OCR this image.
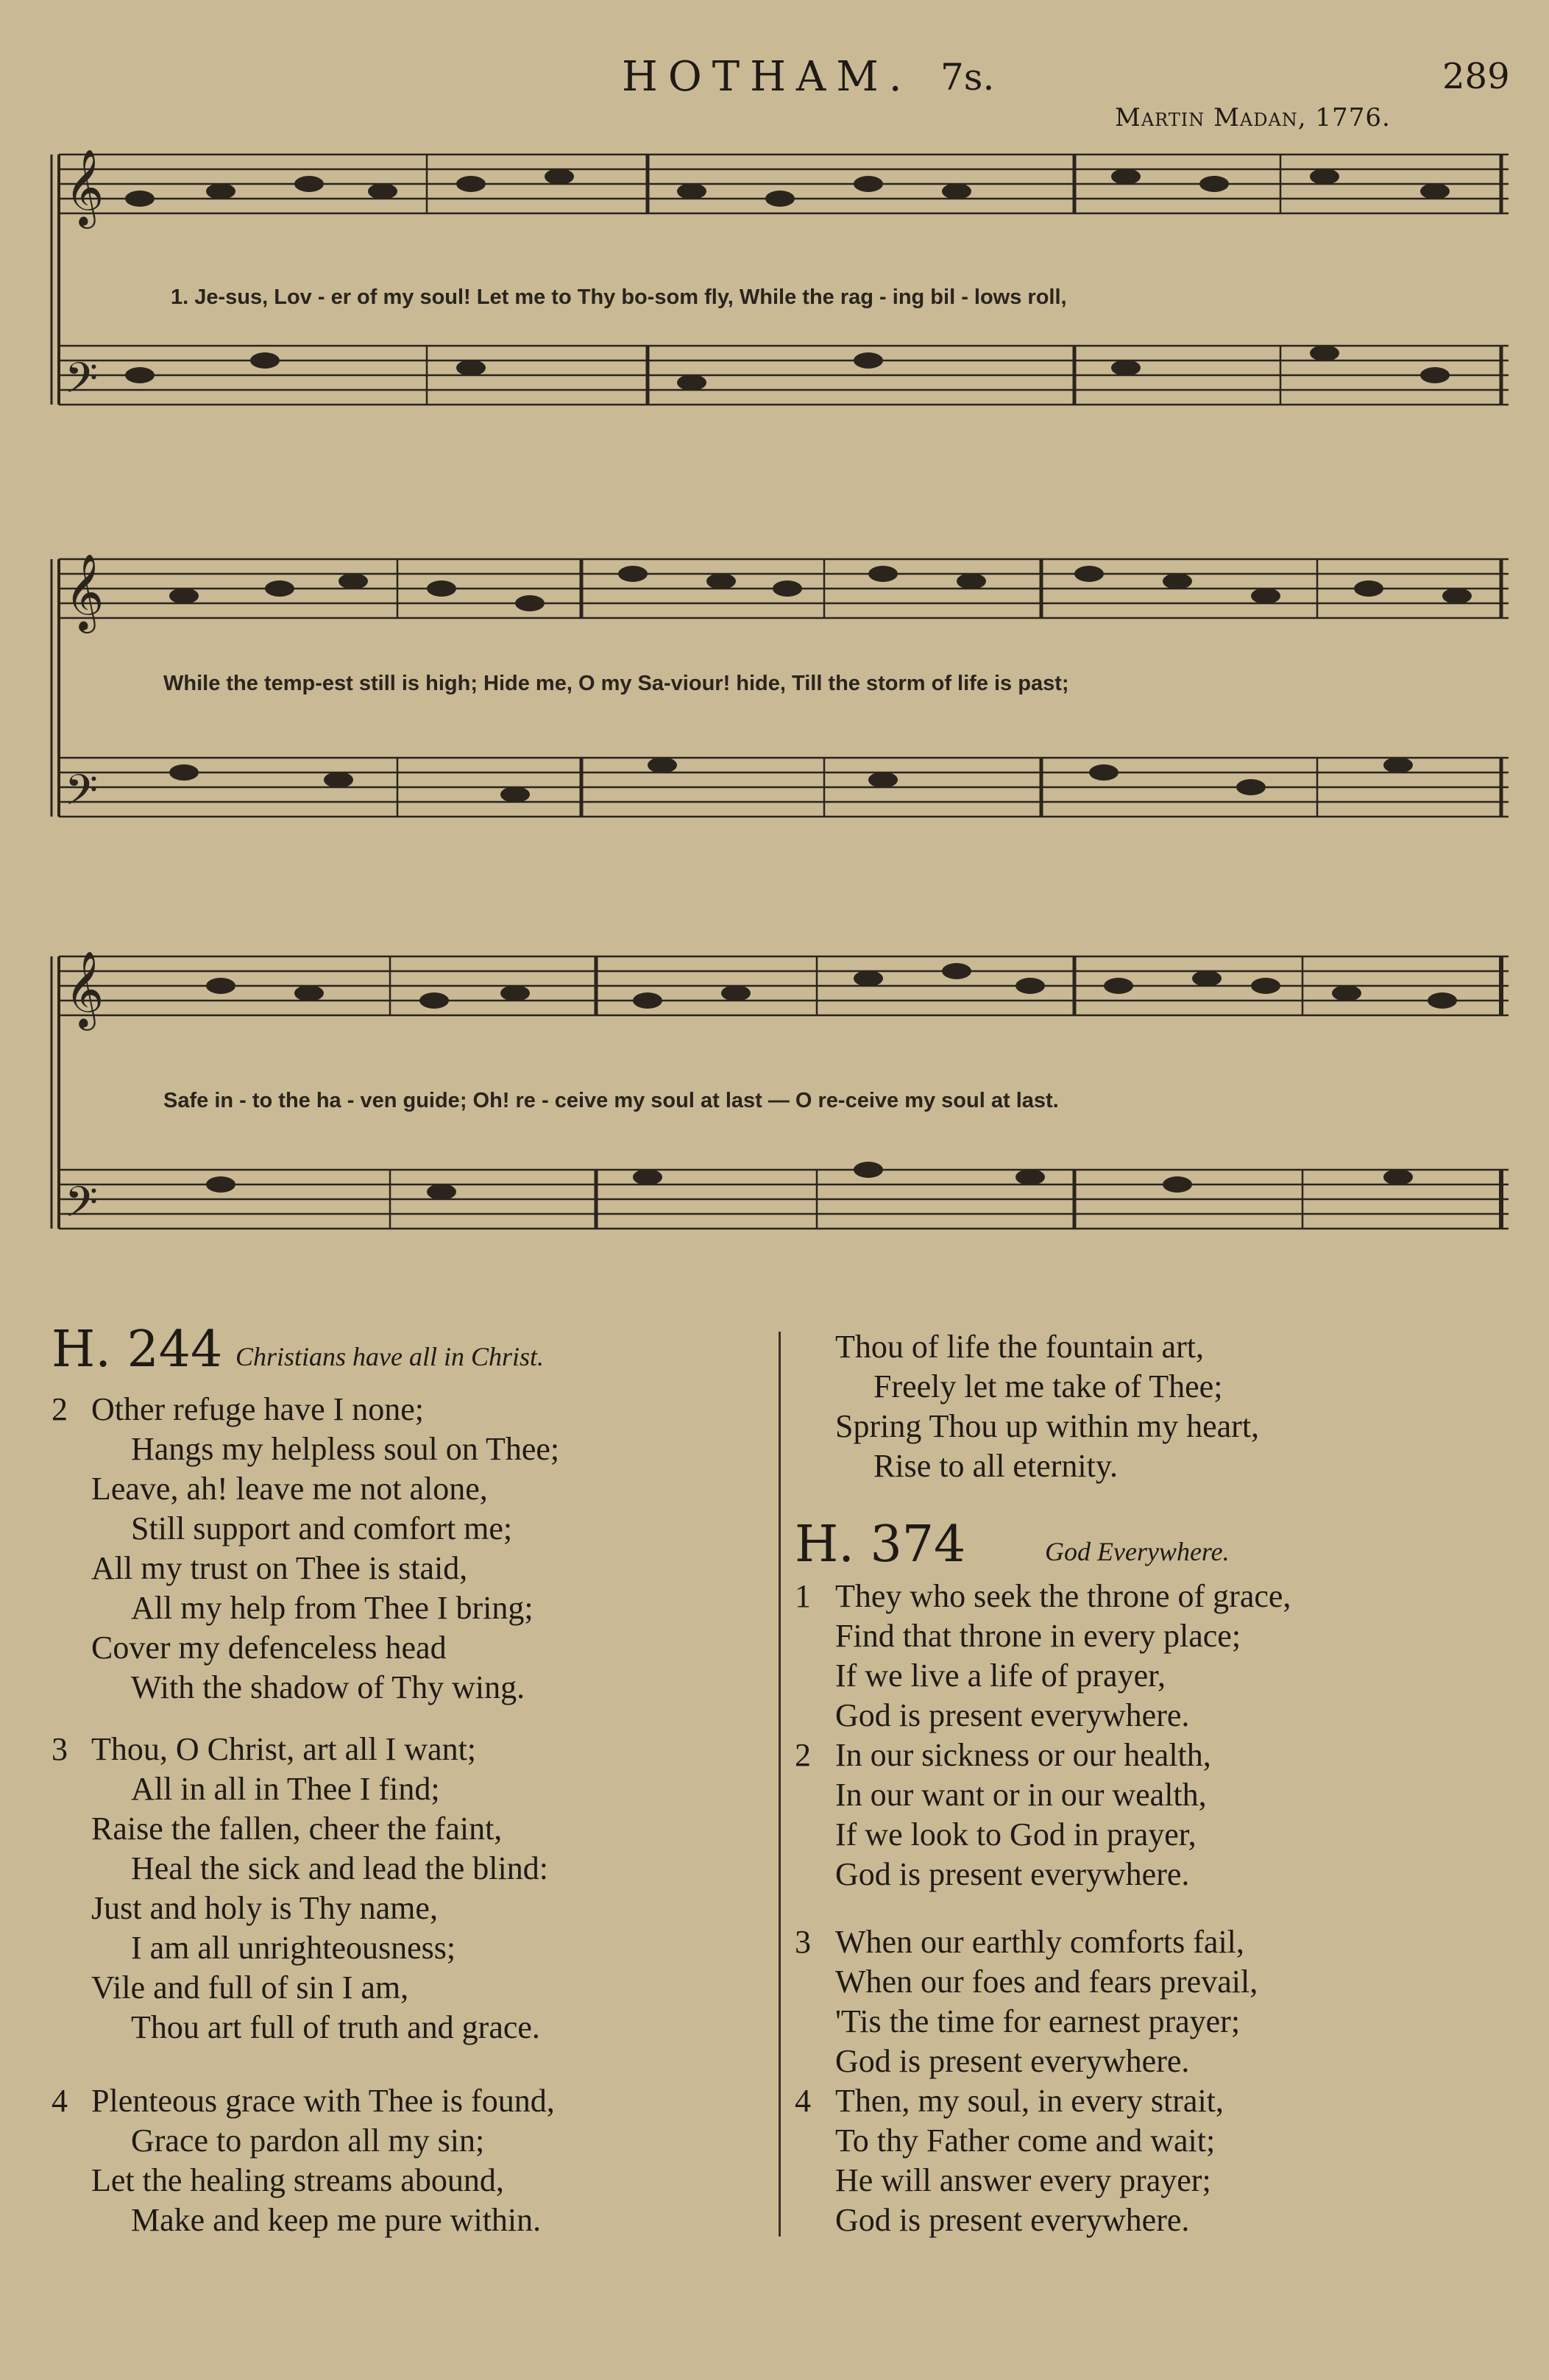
HOTHAM. 7s.	289
Martin Madan, 1776.
𝄞
𝄢
1. Je-sus, Lov - er of my soul! Let me to Thy bo-som fly, While the rag - ing bil - lows roll,
𝄞
𝄢
While the temp-est still is high; Hide me, O my Sa-viour! hide, Till the storm of life is past;
𝄞
𝄢
Safe in - to the ha - ven guide; Oh! re - ceive my soul at last — O re-ceive my soul at last.
H. 244 Christians have all in Christ.
2 Other refuge have I none;
Hangs my helpless soul on Thee;
Leave, ah! leave me not alone,
Still support and comfort me;
All my trust on Thee is staid,
All my help from Thee I bring;
Cover my defenceless head
With the shadow of Thy wing.
3 Thou, O Christ, art all I want;
All in all in Thee I find;
Raise the fallen, cheer the faint,
Heal the sick and lead the blind:
Just and holy is Thy name,
I am all unrighteousness;
Vile and full of sin I am,
Thou art full of truth and grace.
4 Plenteous grace with Thee is found,
Grace to pardon all my sin;
Let the healing streams abound,
Make and keep me pure within.
Thou of life the fountain art,
Freely let me take of Thee;
Spring Thou up within my heart,
Rise to all eternity.
H. 374	God Everywhere.
1 They who seek the throne of grace,
Find that throne in every place;
If we live a life of prayer,
God is present everywhere.
2 In our sickness or our health,
In our want or in our wealth,
If we look to God in prayer,
God is present everywhere.
3 When our earthly comforts fail,
When our foes and fears prevail,
'Tis the time for earnest prayer;
God is present everywhere.
4 Then, my soul, in every strait,
To thy Father come and wait;
He will answer every prayer;
God is present everywhere.
